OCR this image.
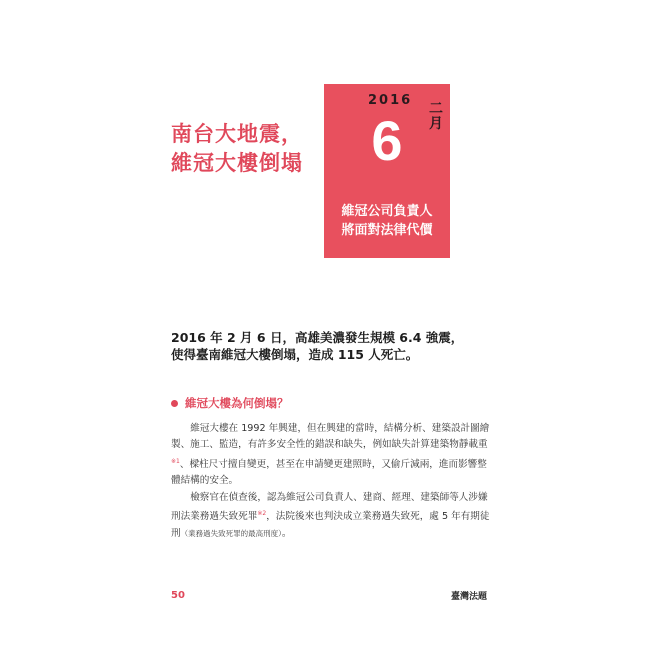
南台大地震，
維冠大樓倒塌
2016
二
月
6
維冠公司負責人
將面對法律代價
2016 年 2 月 6 日，高雄美濃發生規模 6.4 強震，
使得臺南維冠大樓倒塌，造成 115 人死亡。
維冠大樓為何倒塌？

維冠大樓在 1992 年興建，但在興建的當時，結構分析、建築設計圖繪製、施工、監造，有許多安全性的錯誤和缺失，例如缺失計算建築物靜載重$^{※1}$、樑柱尺寸擅自變更，甚至在申請變更建照時，又偷斤減兩，進而影響整體結構的安全。

檢察官在偵查後，認為維冠公司負責人、建商、經理、建築師等人涉嫌刑法業務過失致死罪$^{※2}$，法院後來也判決成立業務過失致死，處 5 年有期徒刑（業務過失致死罪的最高刑度）。

50	臺灣法題
